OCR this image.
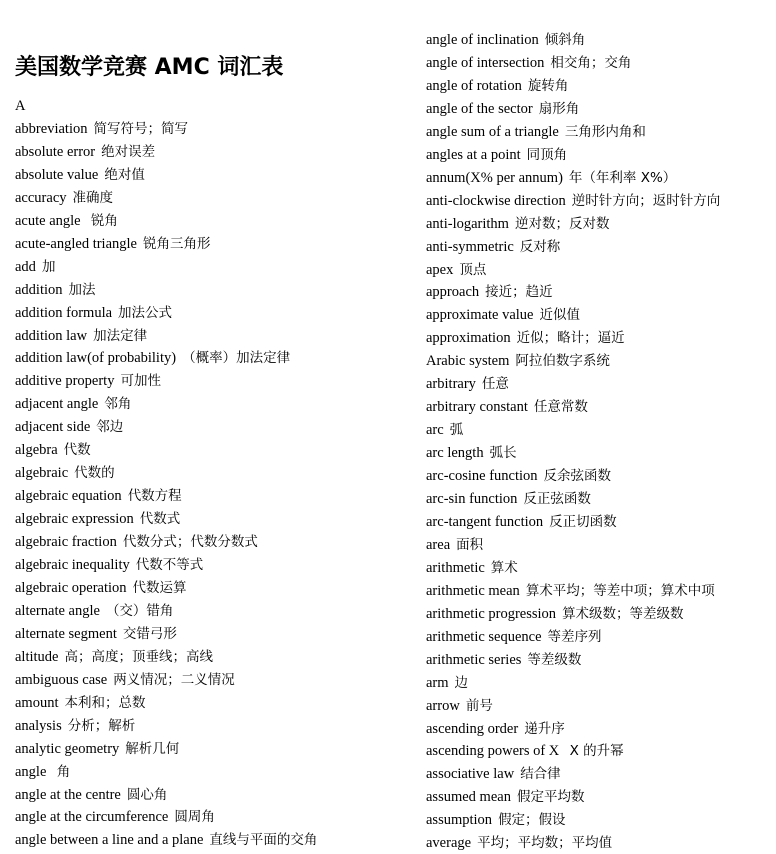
美国数学竞赛 AMC 词汇表
A
abbreviation 简写符号；简写
absolute error 绝对误差
absolute value 绝对值
accuracy 准确度
acute angle 锐角
acute-angled triangle 锐角三角形
add 加
addition 加法
addition formula 加法公式
addition law 加法定律
addition law(of probability) （概率）加法定律
additive property 可加性
adjacent angle 邻角
adjacent side 邻边
algebra 代数
algebraic 代数的
algebraic equation 代数方程
algebraic expression 代数式
algebraic fraction 代数分式；代数分数式
algebraic inequality 代数不等式
algebraic operation 代数运算
alternate angle （交）错角
alternate segment 交错弓形
altitude 高；高度；顶垂线；高线
ambiguous case 两义情况；二义情况
amount 本利和；总数
analysis 分析；解析
analytic geometry 解析几何
angle 角
angle at the centre 圆心角
angle at the circumference 圆周角
angle between a line and a plane 直线与平面的交角
angle of inclination 倾斜角
angle of intersection 相交角；交角
angle of rotation 旋转角
angle of the sector 扇形角
angle sum of a triangle 三角形内角和
angles at a point 同顶角
annum(X% per annum) 年（年利率 X%）
anti-clockwise direction 逆时针方向；返时针方向
anti-logarithm 逆对数；反对数
anti-symmetric 反对称
apex 顶点
approach 接近；趋近
approximate value 近似值
approximation 近似；略计；逼近
Arabic system 阿拉伯数字系统
arbitrary 任意
arbitrary constant 任意常数
arc 弧
arc length 弧长
arc-cosine function 反余弦函数
arc-sin function 反正弦函数
arc-tangent function 反正切函数
area 面积
arithmetic 算术
arithmetic mean 算术平均；等差中项；算术中项
arithmetic progression 算术级数；等差级数
arithmetic sequence 等差序列
arithmetic series 等差级数
arm 边
arrow 前号
ascending order 递升序
ascending powers of X X 的升幂
associative law 结合律
assumed mean 假定平均数
assumption 假定；假设
average 平均；平均数；平均值
